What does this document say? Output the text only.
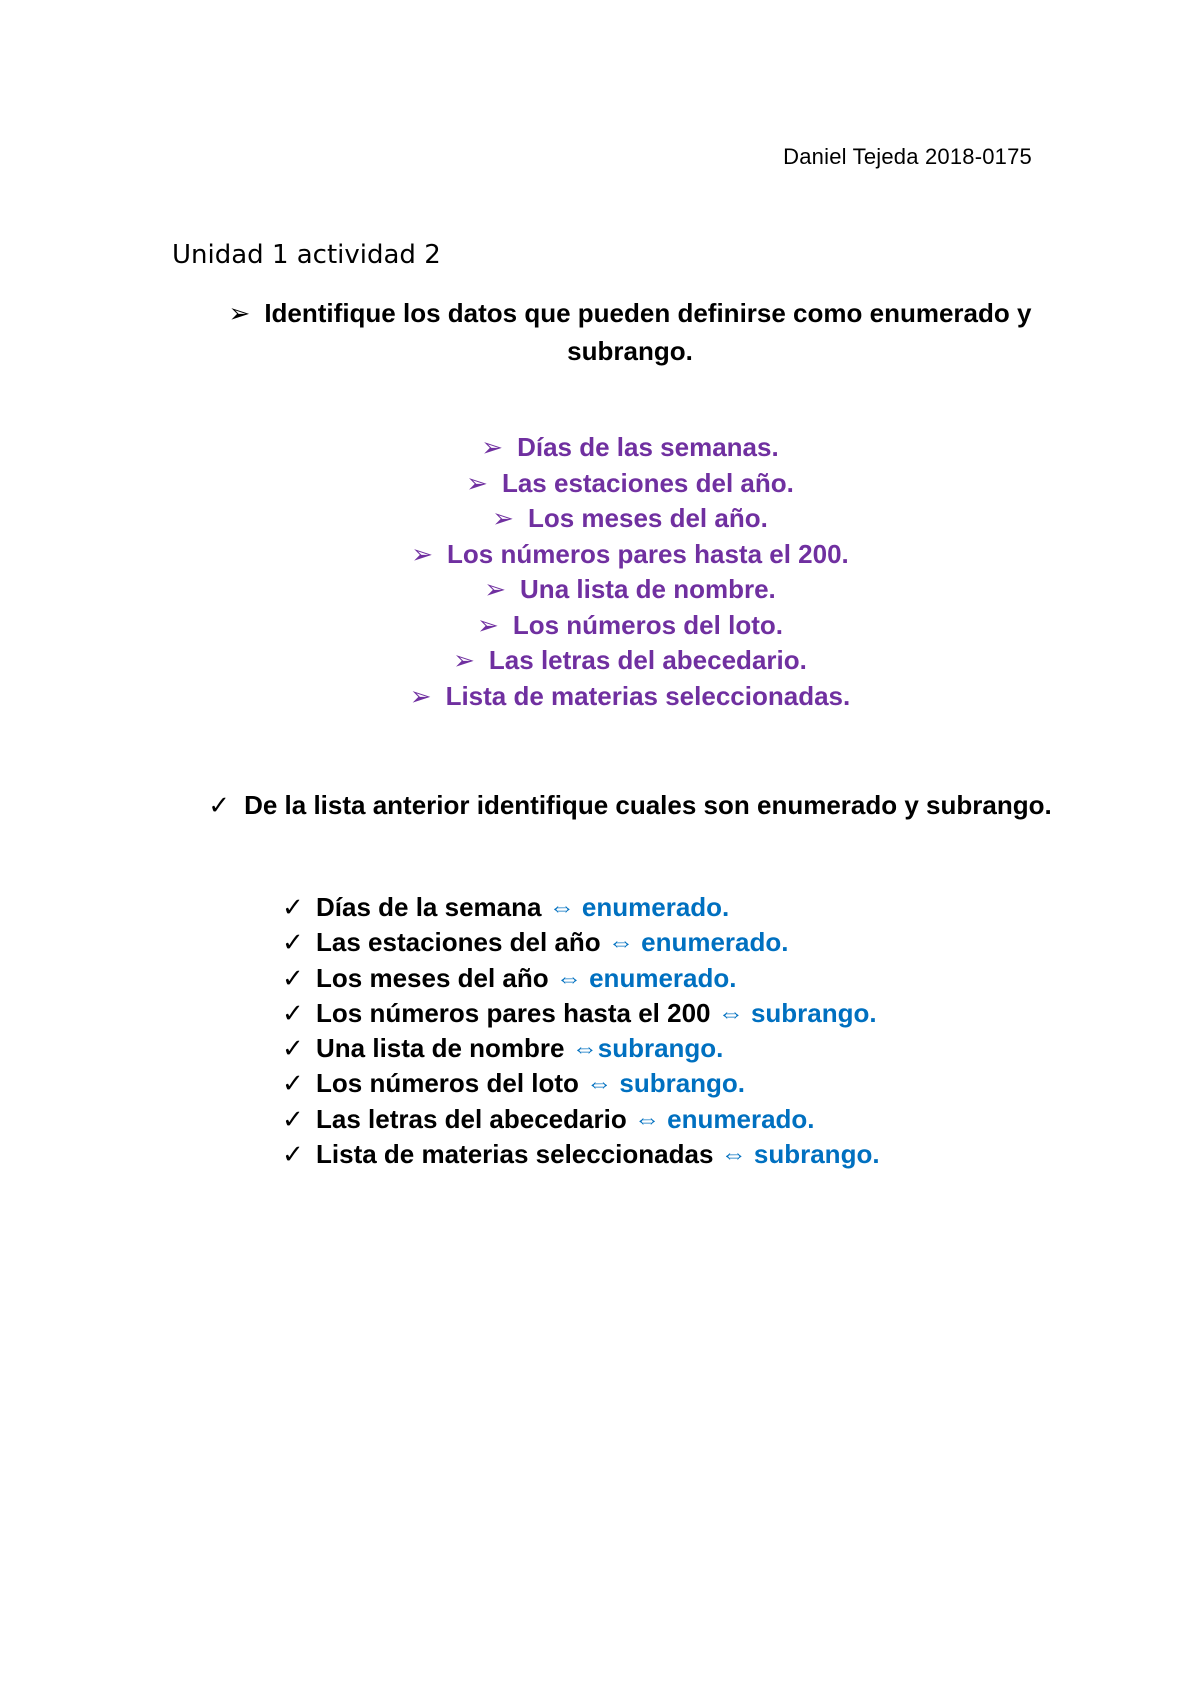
Daniel Tejeda 2018-0175
Unidad 1 actividad 2
➢ Identifique los datos que pueden definirse como enumerado y subrango.
➢ Días de las semanas.
➢ Las estaciones del año.
➢ Los meses del año.
➢ Los números pares hasta el 200.
➢ Una lista de nombre.
➢ Los números del loto.
➢ Las letras del abecedario.
➢ Lista de materias seleccionadas.
✓ De la lista anterior identifique cuales son enumerado y subrango.
✓ Días de la semana ⇔ enumerado.
✓ Las estaciones del año ⇔ enumerado.
✓ Los meses del año ⇔ enumerado.
✓ Los números pares hasta el 200 ⇔ subrango.
✓ Una lista de nombre ⇔subrango.
✓ Los números del loto ⇔ subrango.
✓ Las letras del abecedario ⇔ enumerado.
✓ Lista de materias seleccionadas ⇔ subrango.
